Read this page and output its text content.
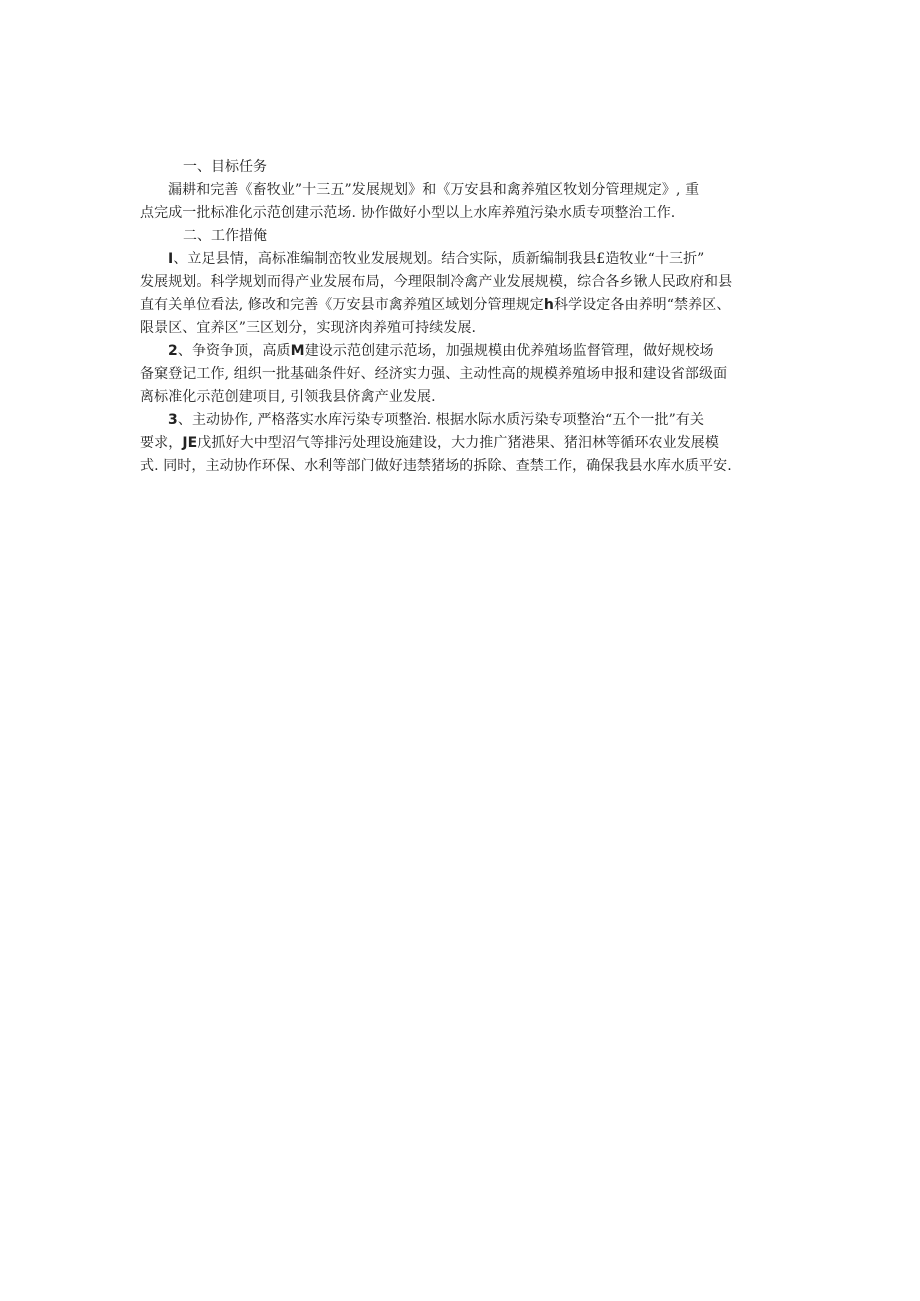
一、目标任务

漏耕和完善《畜牧业”十三五”发展规划》和《万安县和禽养殖区牧划分管理规定》, 重
点完成一批标准化示范创建示范场. 协作做好小型以上水库养殖污染水质专项整治工作.

二、工作措俺

I、立足县情，高标准编制峦牧业发展规划。结合实际，质新编制我县£造牧业“十三折”
发展规划。科学规划而得产业发展布局，今理限制冷禽产业发展规模，综合各乡锹人民政府和县
直有关单位看法, 修改和完善《万安县市禽养殖区域划分管理规定h科学设定各由养明“禁养区、
限景区、宜养区”三区划分，实现济肉养殖可持续发展.

2、争资争顶，高质M建设示范创建示范场，加强规模由优养殖场监督管理，做好规校场
备窠登记工作, 组织一批基础条件好、经济实力强、主动性高的规模养殖场申报和建设省部级面
离标准化示范创建项目, 引领我县侪禽产业发展.

3、主动协作, 严格落实水库污染专项整治. 根据水际水质污染专项整治“五个一批”有关
要求，JE戊抓好大中型沼气等排污处理设施建设，大力推广猪港果、猪汨林等循环农业发展模
式. 同时，主动协作环保、水利等部门做好违禁猪场的拆除、查禁工作，确保我县水库水质平安.
